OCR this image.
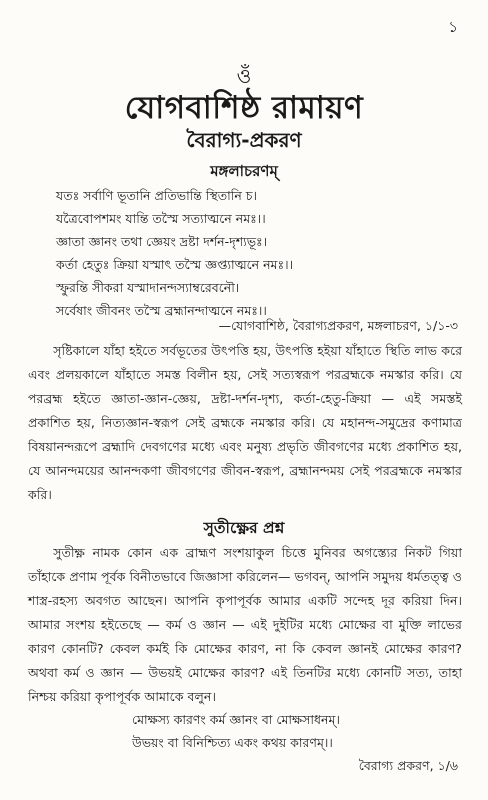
১
ওঁ
যোগবাশিষ্ঠ রামায়ণ
বৈরাগ্য-প্রকরণ
মঙ্গলাচরণম্
যতঃ সর্বাণি ভূতানি প্রতিভান্তি স্থিতানি চ।
যত্রৈবোপশমং যান্তি তস্মৈ সত্যাত্মনে নমঃ।।
জ্ঞাতা জ্ঞানং তথা জ্ঞেয়ং দ্রষ্টা দর্শন-দৃশ্যভূঃ।
কর্তা হেতুঃ ক্রিয়া যস্মাৎ তস্মৈ জ্ঞপ্ত্যাত্মনে নমঃ।।
স্ফুরন্তি সীকরা যস্মাদানন্দস্যাম্বরেবনৌ।
সর্বেষাং জীবনং তস্মৈ ব্রহ্মানন্দাত্মনে নমঃ।।
—যোগবাশিষ্ঠ, বৈরাগ্যপ্রকরণ, মঙ্গলাচরণ, ১/১-৩
সৃষ্টিকালে যাঁহা হইতে সর্বভূতের উৎপত্তি হয়, উৎপত্তি হইয়া যাঁহাতে স্থিতি লাভ করে এবং প্রলয়কালে যাঁহাতে সমস্ত বিলীন হয়, সেই সত্যস্বরূপ পরব্রহ্মকে নমস্কার করি। যে পরব্রহ্ম হইতে জ্ঞাতা-জ্ঞান-জ্ঞেয়, দ্রষ্টা-দর্শন-দৃশ্য, কর্তা-হেতু-ক্রিয়া — এই সমস্তই প্রকাশিত হয়, নিত্যজ্ঞান-স্বরূপ সেই ব্রহ্মকে নমস্কার করি। যে মহানন্দ-সমুদ্রের কণামাত্র বিষয়ানন্দরূপে ব্রহ্মাদি দেবগণের মধ্যে এবং মনুষ্য প্রভৃতি জীবগণের মধ্যে প্রকাশিত হয়, যে আনন্দময়ের আনন্দকণা জীবগণের জীবন-স্বরূপ, ব্রহ্মানন্দময় সেই পরব্রহ্মকে নমস্কার করি।
সুতীক্ষ্ণের প্রশ্ন
সুতীক্ষ্ণ নামক কোন এক ব্রাহ্মণ সংশয়াকুল চিত্তে মুনিবর অগস্ত্যের নিকট গিয়া তাঁহাকে প্রণাম পূর্বক বিনীতভাবে জিজ্ঞাসা করিলেন— ভগবন্‌, আপনি সমুদয় ধর্মতত্ত্ব ও শাস্ত্র-রহস্য অবগত আছেন। আপনি কৃপাপূর্বক আমার একটি সন্দেহ দূর করিয়া দিন। আমার সংশয় হইতেছে — কর্ম ও জ্ঞান — এই দুইটির মধ্যে মোক্ষের বা মুক্তি লাভের কারণ কোনটি? কেবল কর্মই কি মোক্ষের কারণ, না কি কেবল জ্ঞানই মোক্ষের কারণ? অথবা কর্ম ও জ্ঞান — উভয়ই মোক্ষের কারণ? এই তিনটির মধ্যে কোনটি সত্য, তাহা নিশ্চয় করিয়া কৃপাপূর্বক আমাকে বলুন।
মোক্ষস্য কারণং কর্ম জ্ঞানং বা মোক্ষসাধনম্‌।
উভয়ং বা বিনিশ্চিত্য একং কথয় কারণম্‌।।
বৈরাগ্য প্রকরণ, ১/৬
